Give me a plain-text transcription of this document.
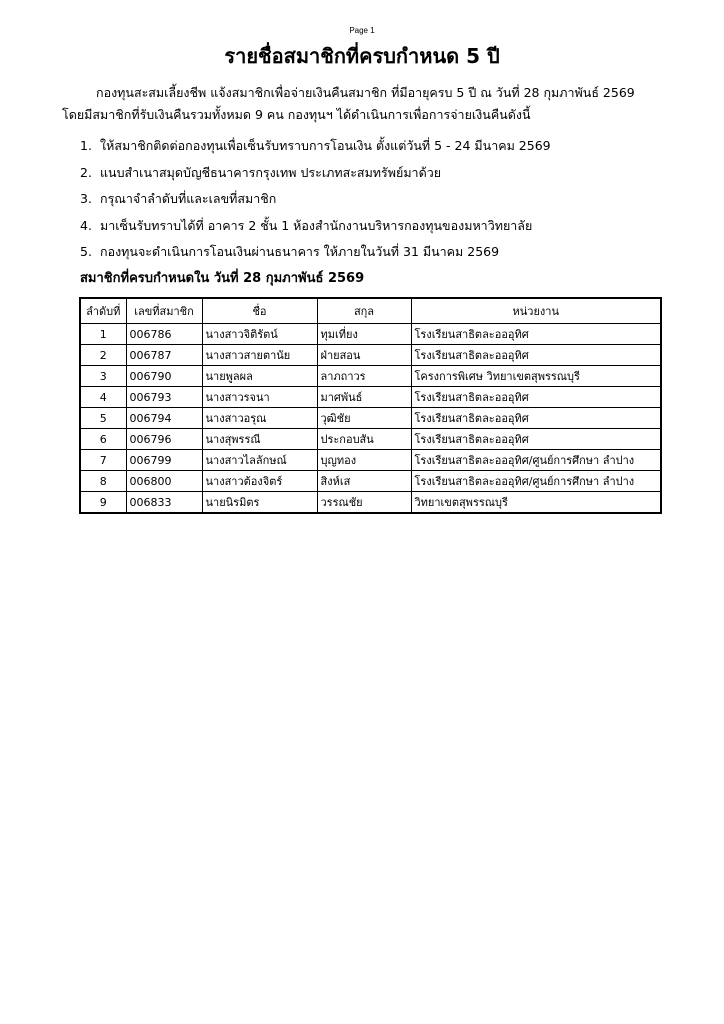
Page 1
รายชื่อสมาชิกที่ครบกำหนด 5 ปี
กองทุนสะสมเลี้ยงชีพ แจ้งสมาชิกเพื่อจ่ายเงินคืนสมาชิก ที่มีอายุครบ 5 ปี ณ วันที่ 28 กุมภาพันธ์ 2569
โดยมีสมาชิกที่รับเงินคืนรวมทั้งหมด 9 คน กองทุนฯ ได้ดำเนินการเพื่อการจ่ายเงินคืนดังนี้
1. ให้สมาชิกติดต่อกองทุนเพื่อเซ็นรับทราบการโอนเงิน ตั้งแต่วันที่ 5 - 24 มีนาคม 2569
2. แนบสำเนาสมุดบัญชีธนาคารกรุงเทพ ประเภทสะสมทรัพย์มาด้วย
3. กรุณาจำลำดับที่และเลขที่สมาชิก
4. มาเซ็นรับทราบได้ที่ อาคาร 2 ชั้น 1 ห้องสำนักงานบริหารกองทุนของมหาวิทยาลัย
5. กองทุนจะดำเนินการโอนเงินผ่านธนาคาร ให้ภายในวันที่ 31 มีนาคม 2569
สมาชิกที่ครบกำหนดใน วันที่ 28 กุมภาพันธ์ 2569
ลำดับที่	เลขที่สมาชิก	ชื่อ	สกุล	หน่วยงาน
1	006786	นางสาวจิติรัตน์	ทุมเที่ยง	โรงเรียนสาธิตละอออุทิศ
2	006787	นางสาวสายตานัย	ฝ่ายสอน	โรงเรียนสาธิตละอออุทิศ
3	006790	นายพูลผล	ลาภถาวร	โครงการพิเศษ วิทยาเขตสุพรรณบุรี
4	006793	นางสาวรจนา	มาศพันธ์	โรงเรียนสาธิตละอออุทิศ
5	006794	นางสาวอรุณ	วุฒิชัย	โรงเรียนสาธิตละอออุทิศ
6	006796	นางสุพรรณี	ประกอบสัน	โรงเรียนสาธิตละอออุทิศ
7	006799	นางสาวไลลักษณ์	บุญทอง	โรงเรียนสาธิตละอออุทิศ/ศูนย์การศึกษา ลำปาง
8	006800	นางสาวต้องจิตร์	สิงห์เส	โรงเรียนสาธิตละอออุทิศ/ศูนย์การศึกษา ลำปาง
9	006833	นายนิรมิตร	วรรณชัย	วิทยาเขตสุพรรณบุรี
